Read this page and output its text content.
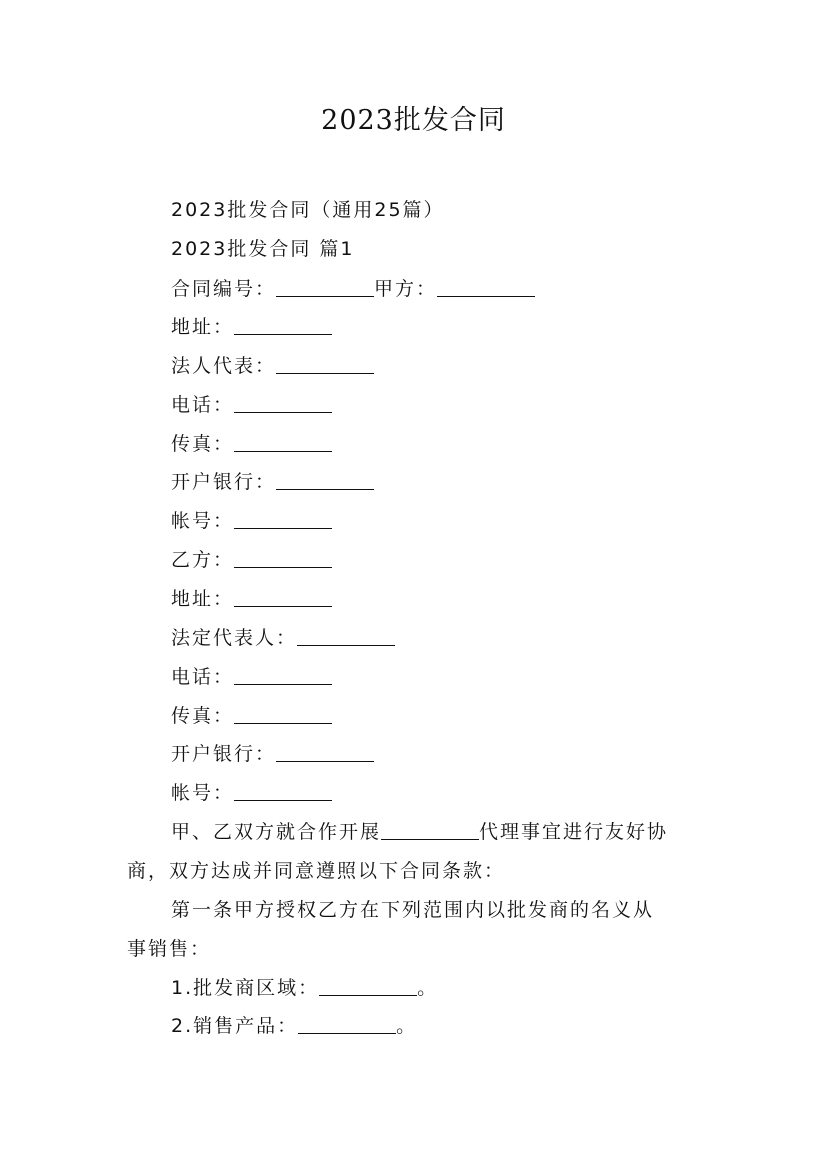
2023批发合同
2023批发合同（通用25篇）
2023批发合同 篇1
合同编号：	甲方：
地址：
法人代表：
电话：
传真：
开户银行：
帐号：
乙方：
地址：
法定代表人：
电话：
传真：
开户银行：
帐号：
甲、乙双方就合作开展	代理事宜进行友好协
商，双方达成并同意遵照以下合同条款：
第一条甲方授权乙方在下列范围内以批发商的名义从
事销售：
1.批发商区域：	。
2.销售产品：	。
